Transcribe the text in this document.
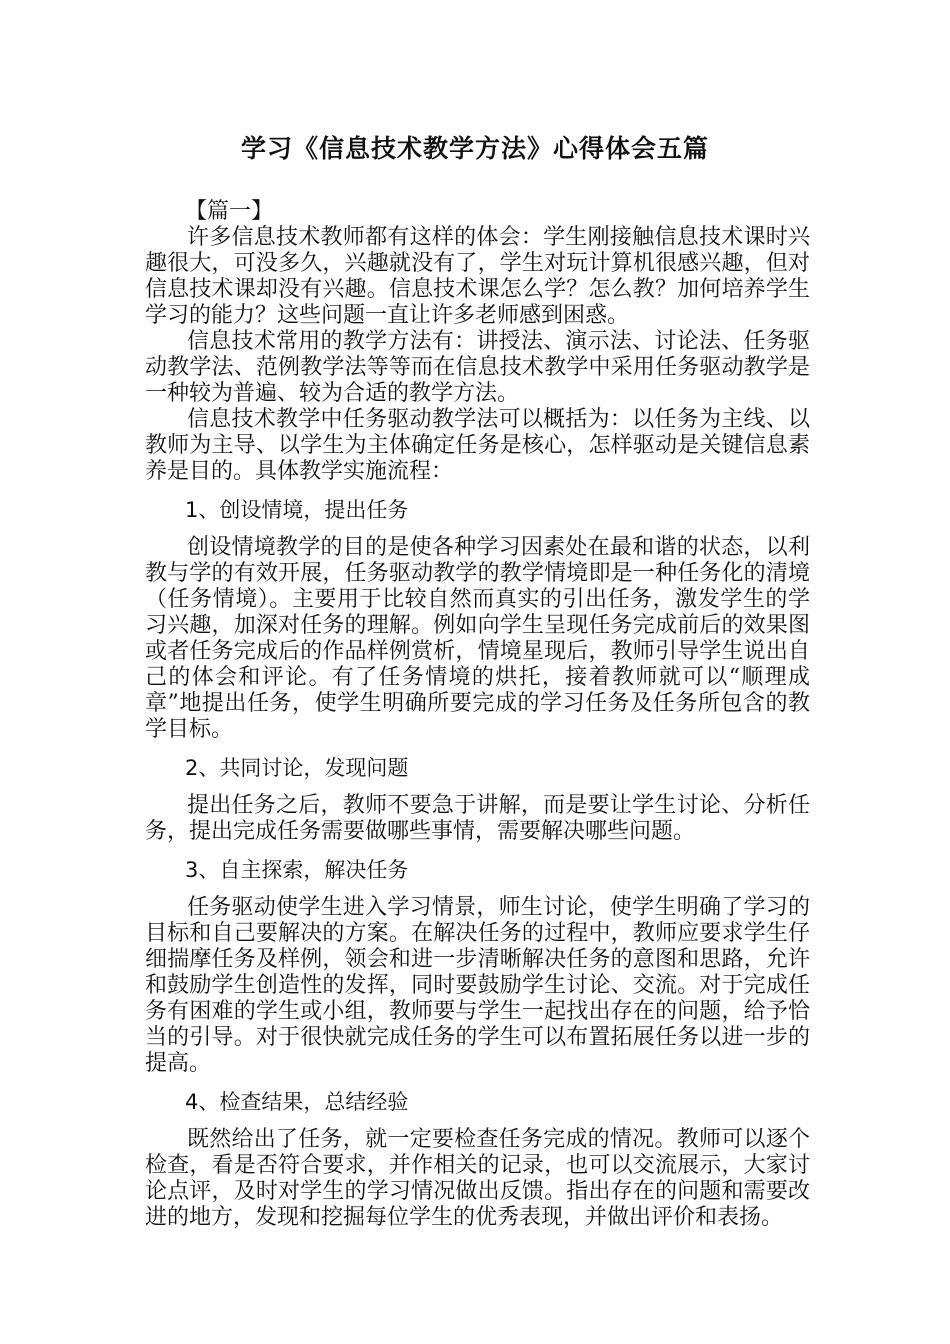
学习《信息技术教学方法》心得体会五篇

【篇一】

许多信息技术教师都有这样的体会：学生刚接触信息技术课时兴趣很大，可没多久，兴趣就没有了，学生对玩计算机很感兴趣，但对信息技术课却没有兴趣。信息技术课怎么学？怎么教？加何培养学生学习的能力？这些问题一直让许多老师感到困惑。

信息技术常用的教学方法有：讲授法、演示法、讨论法、任务驱动教学法、范例教学法等等而在信息技术教学中采用任务驱动教学是一种较为普遍、较为合适的教学方法。

信息技术教学中任务驱动教学法可以概括为：以任务为主线、以教师为主导、以学生为主体确定任务是核心，怎样驱动是关键信息素养是目的。具体教学实施流程：

1、创设情境，提出任务

创设情境教学的目的是使各种学习因素处在最和谐的状态，以利教与学的有效开展，任务驱动教学的教学情境即是一种任务化的清境（任务情境）。主要用于比较自然而真实的引出任务，激发学生的学习兴趣，加深对任务的理解。例如向学生呈现任务完成前后的效果图或者任务完成后的作品样例赏析，情境星现后，教师引导学生说出自己的体会和评论。有了任务情境的烘托，接着教师就可以“顺理成章”地提出任务，使学生明确所要完成的学习任务及任务所包含的教学目标。

2、共同讨论，发现问题

提出任务之后，教师不要急于讲解，而是要让学生讨论、分析任务，提出完成任务需要做哪些事情，需要解决哪些问题。

3、自主探索，解决任务

任务驱动使学生进入学习情景，师生讨论，使学生明确了学习的目标和自己要解决的方案。在解决任务的过程中，教师应要求学生仔细揣摩任务及样例，领会和进一步清晰解决任务的意图和思路，允许和鼓励学生创造性的发挥，同时要鼓励学生讨论、交流。对于完成任务有困难的学生或小组，教师要与学生一起找出存在的问题，给予恰当的引导。对于很快就完成任务的学生可以布置拓展任务以进一步的提高。

4、检查结果，总结经验

既然给出了任务，就一定要检查任务完成的情况。教师可以逐个检查，看是否符合要求，并作相关的记录，也可以交流展示，大家讨论点评，及时对学生的学习情况做出反馈。指出存在的问题和需要改进的地方，发现和挖掘每位学生的优秀表现，并做出评价和表扬。
